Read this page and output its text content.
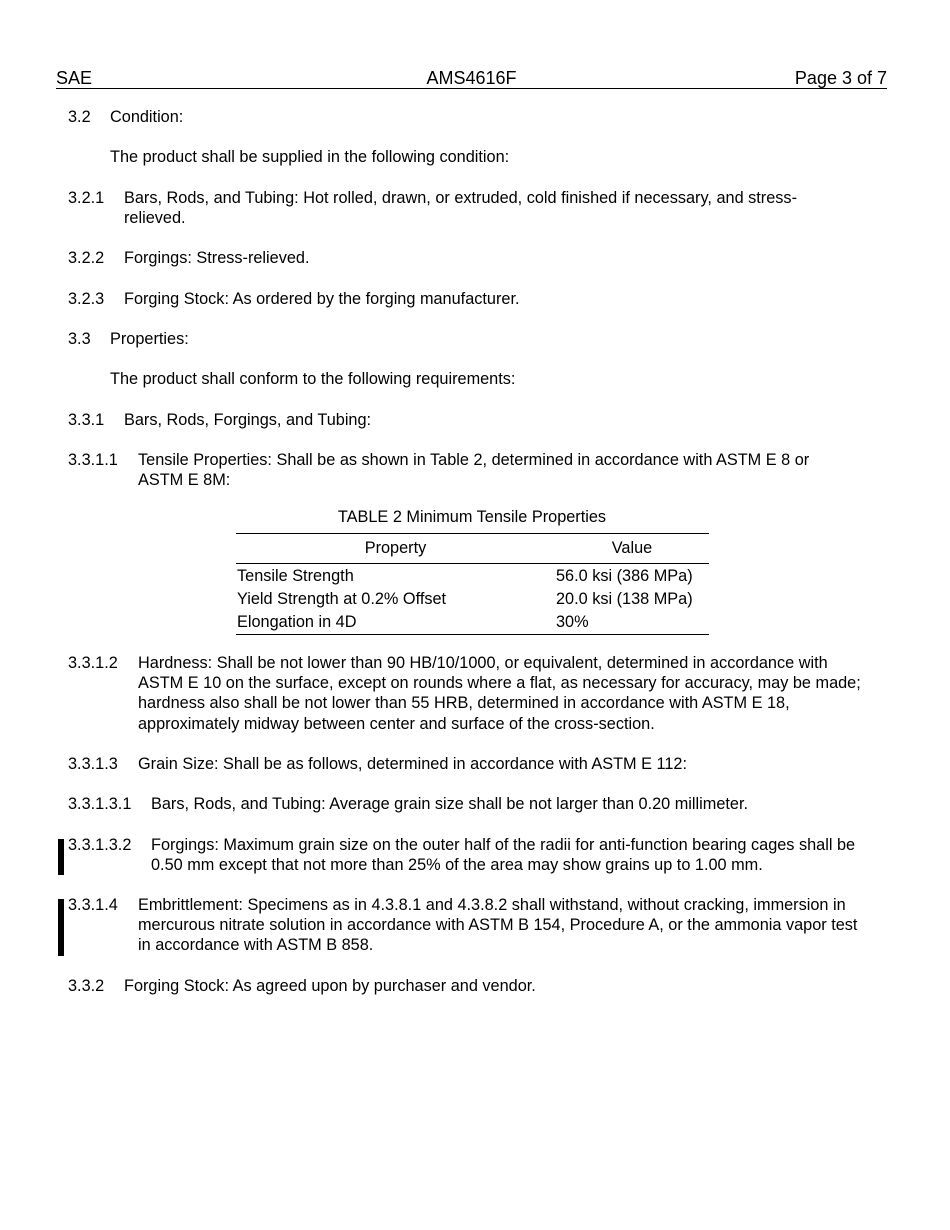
SAE	AMS4616F	Page 3 of 7
3.2 Condition:
The product shall be supplied in the following condition:
3.2.1 Bars, Rods, and Tubing: Hot rolled, drawn, or extruded, cold finished if necessary, and stress-relieved.
3.2.2 Forgings: Stress-relieved.
3.2.3 Forging Stock: As ordered by the forging manufacturer.
3.3 Properties:
The product shall conform to the following requirements:
3.3.1 Bars, Rods, Forgings, and Tubing:
3.3.1.1 Tensile Properties: Shall be as shown in Table 2, determined in accordance with ASTM E 8 or ASTM E 8M:
TABLE 2 Minimum Tensile Properties
Property	Value
Tensile Strength	56.0 ksi (386 MPa)
Yield Strength at 0.2% Offset	20.0 ksi (138 MPa)
Elongation in 4D	30%
3.3.1.2 Hardness: Shall be not lower than 90 HB/10/1000, or equivalent, determined in accordance with ASTM E 10 on the surface, except on rounds where a flat, as necessary for accuracy, may be made; hardness also shall be not lower than 55 HRB, determined in accordance with ASTM E 18, approximately midway between center and surface of the cross-section.
3.3.1.3 Grain Size: Shall be as follows, determined in accordance with ASTM E 112:
3.3.1.3.1 Bars, Rods, and Tubing: Average grain size shall be not larger than 0.20 millimeter.
3.3.1.3.2 Forgings: Maximum grain size on the outer half of the radii for anti-function bearing cages shall be 0.50 mm except that not more than 25% of the area may show grains up to 1.00 mm.
3.3.1.4 Embrittlement: Specimens as in 4.3.8.1 and 4.3.8.2 shall withstand, without cracking, immersion in mercurous nitrate solution in accordance with ASTM B 154, Procedure A, or the ammonia vapor test in accordance with ASTM B 858.
3.3.2 Forging Stock: As agreed upon by purchaser and vendor.
